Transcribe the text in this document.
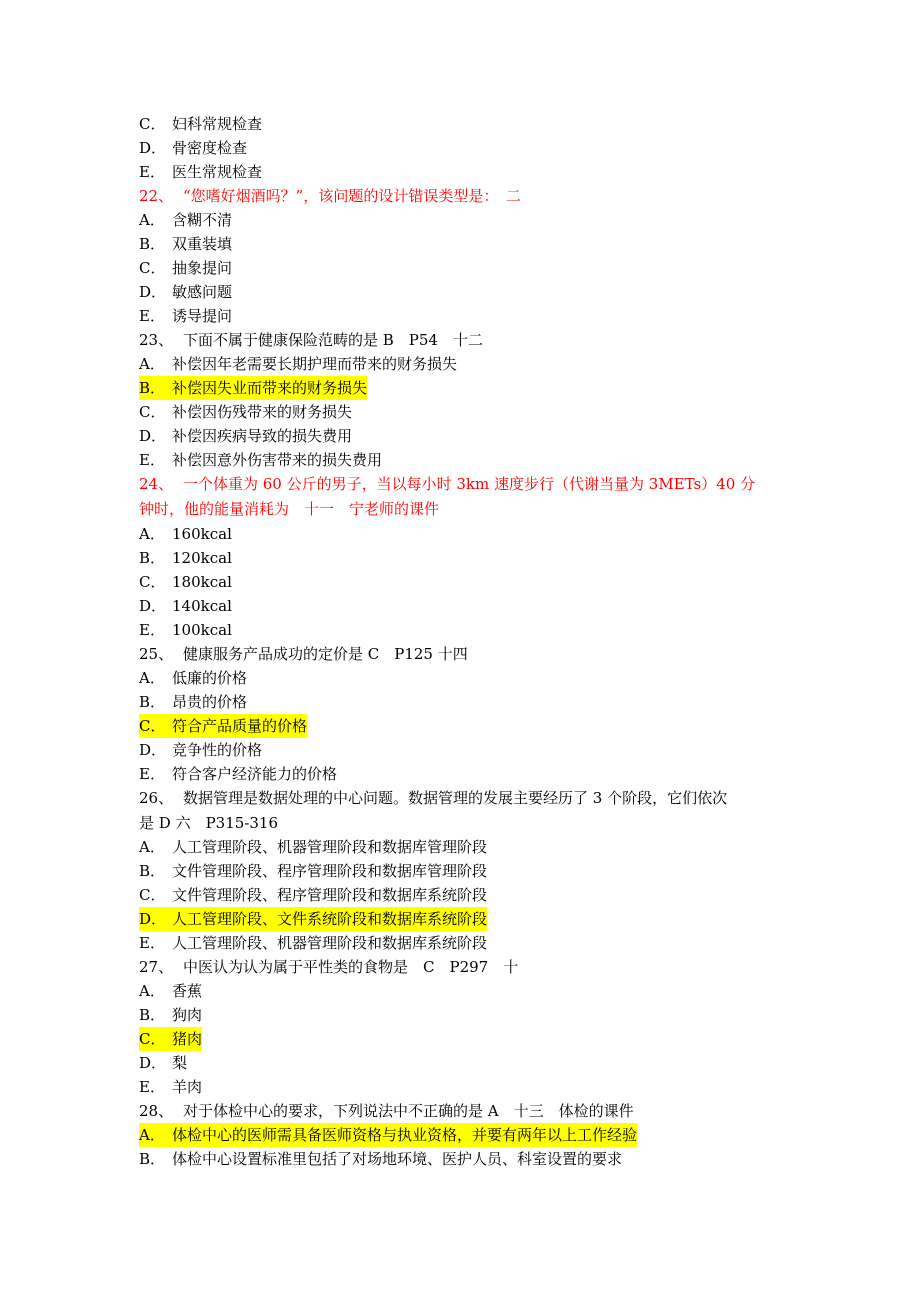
C． 妇科常规检查
D． 骨密度检查
E． 医生常规检查
22、 “您嗜好烟酒吗？”，该问题的设计错误类型是：　二
A． 含糊不清
B． 双重装填
C． 抽象提问
D． 敏感问题
E． 诱导提问
23、 下面不属于健康保险范畴的是 B　P54　十二
A． 补偿因年老需要长期护理而带来的财务损失
B． 补偿因失业而带来的财务损失
C． 补偿因伤残带来的财务损失
D． 补偿因疾病导致的损失费用
E． 补偿因意外伤害带来的损失费用
24、 一个体重为 60 公斤的男子，当以每小时 3km 速度步行（代谢当量为 3METs）40 分
钟时，他的能量消耗为　十一　宁老师的课件
A． 160kcal
B． 120kcal
C． 180kcal
D． 140kcal
E． 100kcal
25、 健康服务产品成功的定价是 C　P125 十四
A． 低廉的价格
B． 昂贵的价格
C． 符合产品质量的价格
D． 竞争性的价格
E． 符合客户经济能力的价格
26、 数据管理是数据处理的中心问题。数据管理的发展主要经历了 3 个阶段，它们依次
是 D 六　P315-316
A． 人工管理阶段、机器管理阶段和数据库管理阶段
B． 文件管理阶段、程序管理阶段和数据库管理阶段
C． 文件管理阶段、程序管理阶段和数据库系统阶段
D． 人工管理阶段、文件系统阶段和数据库系统阶段
E． 人工管理阶段、机器管理阶段和数据库系统阶段
27、 中医认为认为属于平性类的食物是　C　P297　十
A． 香蕉
B． 狗肉
C． 猪肉
D． 梨
E． 羊肉
28、 对于体检中心的要求，下列说法中不正确的是 A　十三　体检的课件
A． 体检中心的医师需具备医师资格与执业资格，并要有两年以上工作经验
B． 体检中心设置标准里包括了对场地环境、医护人员、科室设置的要求
